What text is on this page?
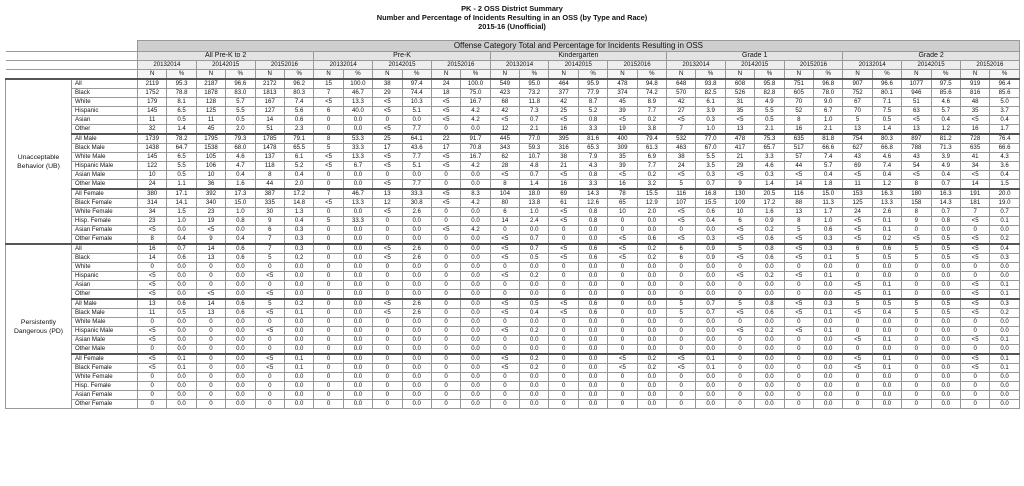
PK - 2 OSS District Summary
Number and Percentage of Incidents Resulting in an OSS (by Type and Race)
2015-16 (Unofficial)
		Offense Category Total and Percentage for Incidents Resulting in OSS																													
		All Pre-K to 2						Pre-K						Kindergarten						Grade 1						Grade 2					
		20132014		20142015		20152016		20132014		20142015		20152016		20132014		20142015		20152016		20132014		20142015		20152016		20132014		20142015		20152016	
		N	%	N	%	N	%	N	%	N	%	N	%	N	%	N	%	N	%	N	%	N	%	N	%	N	%	N	%	N	%
Unacceptable Behavior (UB)	All	2119	95.3	2187	96.6	2172	96.2	15	100.0	38	97.4	24	100.0	549	95.0	464	95.9	478	94.8	648	93.8	608	95.8	751	96.8	907	96.6	1077	97.5	919	96.4
	Black	1752	78.8	1878	83.0	1813	80.3	7	46.7	29	74.4	18	75.0	423	73.2	377	77.9	374	74.2	570	82.5	526	82.8	605	78.0	752	80.1	946	85.6	816	85.6
	White	179	8.1	128	5.7	167	7.4	<5	13.3	<5	10.3	<5	16.7	68	11.8	42	8.7	45	8.9	42	6.1	31	4.9	70	9.0	67	7.1	51	4.6	48	5.0
	Hispanic	145	6.5	125	5.5	127	5.6	6	40.0	<5	5.1	<5	4.2	42	7.3	25	5.2	39	7.7	27	3.9	35	5.5	52	6.7	70	7.5	63	5.7	35	3.7
	Asian	11	0.5	11	0.5	14	0.6	0	0.0	0	0.0	<5	4.2	<5	0.7	<5	0.8	<5	0.2	<5	0.3	<5	0.5	8	1.0	5	0.5	<5	0.4	<5	0.4
	Other	32	1.4	45	2.0	51	2.3	0	0.0	<5	7.7	0	0.0	12	2.1	16	3.3	19	3.8	7	1.0	13	2.1	16	2.1	13	1.4	13	1.2	16	1.7
	All Male	1739	78.2	1795	79.3	1785	79.1	8	53.3	25	64.1	22	91.7	445	77.0	395	81.6	400	79.4	532	77.0	478	75.3	635	81.8	754	80.3	897	81.2	728	76.4
	Black Male	1438	64.7	1538	68.0	1478	65.5	5	33.3	17	43.6	17	70.8	343	59.3	316	65.3	309	61.3	463	67.0	417	65.7	517	66.6	627	66.8	788	71.3	635	66.6
	White Male	145	6.5	105	4.6	137	6.1	<5	13.3	<5	7.7	<5	16.7	62	10.7	38	7.9	35	6.9	38	5.5	21	3.3	57	7.4	43	4.6	43	3.9	41	4.3
	Hispanic Male	122	5.5	106	4.7	118	5.2	<5	6.7	<5	5.1	<5	4.2	28	4.8	21	4.3	39	7.7	24	3.5	29	4.6	44	5.7	69	7.4	54	4.9	34	3.6
	Asian Male	10	0.5	10	0.4	8	0.4	0	0.0	0	0.0	0	0.0	<5	0.7	<5	0.8	<5	0.2	<5	0.3	<5	0.3	<5	0.4	<5	0.4	<5	0.4	<5	0.4
	Other Male	24	1.1	36	1.6	44	2.0	0	0.0	<5	7.7	0	0.0	8	1.4	16	3.3	16	3.2	5	0.7	9	1.4	14	1.8	11	1.2	8	0.7	14	1.5
	All Female	380	17.1	392	17.3	387	17.2	7	46.7	13	33.3	<5	8.3	104	18.0	69	14.3	78	15.5	116	16.8	130	20.5	116	15.0	153	16.3	180	16.3	191	20.0
	Black Female	314	14.1	340	15.0	335	14.8	<5	13.3	12	30.8	<5	4.2	80	13.8	61	12.6	65	12.9	107	15.5	109	17.2	88	11.3	125	13.3	158	14.3	181	19.0
	White Female	34	1.5	23	1.0	30	1.3	0	0.0	<5	2.6	0	0.0	6	1.0	<5	0.8	10	2.0	<5	0.6	10	1.6	13	1.7	24	2.6	8	0.7	7	0.7
	Hisp. Female	23	1.0	19	0.8	9	0.4	5	33.3	0	0.0	0	0.0	14	2.4	<5	0.8	0	0.0	<5	0.4	6	0.9	8	1.0	<5	0.1	9	0.8	<5	0.1
	Asian Female	<5	0.0	<5	0.0	6	0.3	0	0.0	0	0.0	<5	4.2	0	0.0	0	0.0	0	0.0	0	0.0	<5	0.2	5	0.6	<5	0.1	0	0.0	0	0.0
	Other Female	8	0.4	9	0.4	7	0.3	0	0.0	0	0.0	0	0.0	<5	0.7	0	0.0	<5	0.6	<5	0.3	<5	0.6	<5	0.3	<5	0.2	<5	0.5	<5	0.2
Persistently Dangerous (PD)	All	16	0.7	14	0.6	7	0.3	0	0.0	<5	2.6	0	0.0	<5	0.7	<5	0.6	<5	0.2	6	0.9	5	0.8	<5	0.3	6	0.6	5	0.5	<5	0.4
	Black	14	0.6	13	0.6	5	0.2	0	0.0	<5	2.6	0	0.0	<5	0.5	<5	0.6	<5	0.2	6	0.9	<5	0.6	<5	0.1	5	0.5	5	0.5	<5	0.3
	White	0	0.0	0	0.0	0	0.0	0	0.0	0	0.0	0	0.0	0	0.0	0	0.0	0	0.0	0	0.0	0	0.0	0	0.0	0	0.0	0	0.0	0	0.0
	Hispanic	<5	0.0	0	0.0	<5	0.0	0	0.0	0	0.0	0	0.0	<5	0.2	0	0.0	0	0.0	0	0.0	<5	0.2	<5	0.1	0	0.0	0	0.0	0	0.0
	Asian	<5	0.0	0	0.0	0	0.0	0	0.0	0	0.0	0	0.0	0	0.0	0	0.0	0	0.0	0	0.0	0	0.0	0	0.0	<5	0.1	0	0.0	<5	0.1
	Other	<5	0.0	<5	0.0	<5	0.0	0	0.0	0	0.0	0	0.0	0	0.0	0	0.0	0	0.0	0	0.0	0	0.0	0	0.0	<5	0.1	0	0.0	<5	0.1
	All Male	13	0.6	14	0.6	5	0.2	0	0.0	<5	2.6	0	0.0	<5	0.5	<5	0.6	0	0.0	5	0.7	5	0.8	<5	0.3	5	0.5	5	0.5	<5	0.3
	Black Male	11	0.5	13	0.6	<5	0.1	0	0.0	<5	2.6	0	0.0	<5	0.4	<5	0.6	0	0.0	5	0.7	<5	0.6	<5	0.1	<5	0.4	5	0.5	<5	0.2
	White Male	0	0.0	0	0.0	0	0.0	0	0.0	0	0.0	0	0.0	0	0.0	0	0.0	0	0.0	0	0.0	0	0.0	0	0.0	0	0.0	0	0.0	0	0.0
	Hispanic Male	<5	0.0	0	0.0	<5	0.0	0	0.0	0	0.0	0	0.0	<5	0.2	0	0.0	0	0.0	0	0.0	<5	0.2	<5	0.1	0	0.0	0	0.0	0	0.0
	Asian Male	<5	0.0	0	0.0	0	0.0	0	0.0	0	0.0	0	0.0	0	0.0	0	0.0	0	0.0	0	0.0	0	0.0	0	0.0	<5	0.1	0	0.0	<5	0.1
	Other Male	0	0.0	0	0.0	0	0.0	0	0.0	0	0.0	0	0.0	0	0.0	0	0.0	0	0.0	0	0.0	0	0.0	0	0.0	0	0.0	0	0.0	0	0.0
	All Female	<5	0.1	0	0.0	<5	0.1	0	0.0	0	0.0	0	0.0	<5	0.2	0	0.0	<5	0.2	<5	0.1	0	0.0	0	0.0	<5	0.1	0	0.0	<5	0.1
	Black Female	<5	0.1	0	0.0	<5	0.1	0	0.0	0	0.0	0	0.0	<5	0.2	0	0.0	<5	0.2	<5	0.1	0	0.0	0	0.0	<5	0.1	0	0.0	<5	0.1
	White Female	0	0.0	0	0.0	0	0.0	0	0.0	0	0.0	0	0.0	0	0.0	0	0.0	0	0.0	0	0.0	0	0.0	0	0.0	0	0.0	0	0.0	0	0.0
	Hisp. Female	0	0.0	0	0.0	0	0.0	0	0.0	0	0.0	0	0.0	0	0.0	0	0.0	0	0.0	0	0.0	0	0.0	0	0.0	0	0.0	0	0.0	0	0.0
	Asian Female	0	0.0	0	0.0	0	0.0	0	0.0	0	0.0	0	0.0	0	0.0	0	0.0	0	0.0	0	0.0	0	0.0	0	0.0	0	0.0	0	0.0	0	0.0
	Other Female	0	0.0	0	0.0	0	0.0	0	0.0	0	0.0	0	0.0	0	0.0	0	0.0	0	0.0	0	0.0	0	0.0	0	0.0	0	0.0	0	0.0	0	0.0
